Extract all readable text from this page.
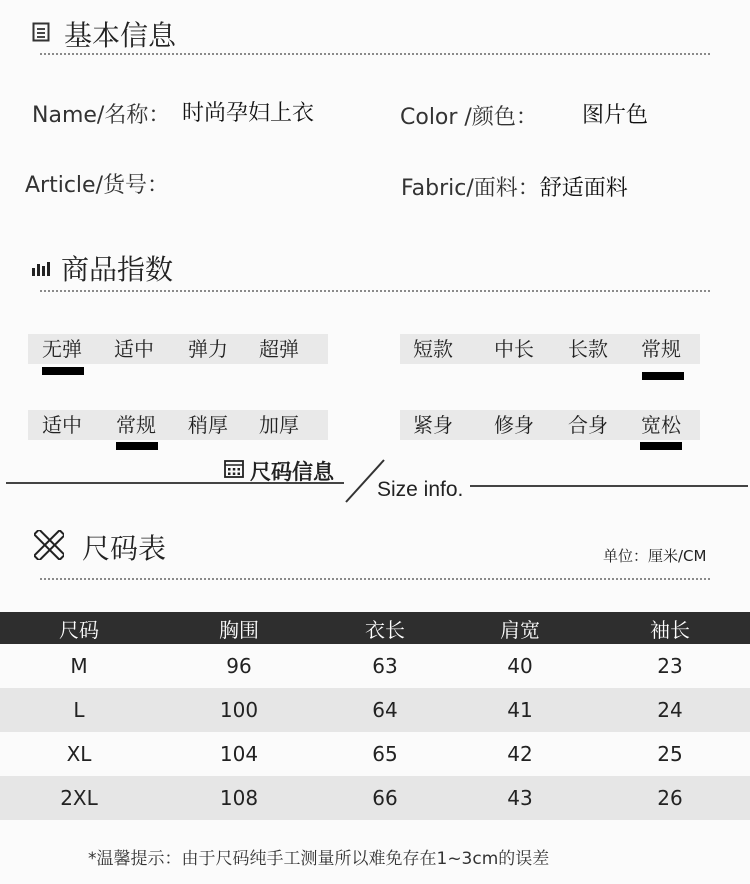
基本信息
Name/名称： 时尚孕妇上衣	Color /颜色： 图片色
Article/货号：	Fabric/面料：舒适面料
商品指数
无弹 适中 弹力 超弹	短款 中长 长款 常规
适中 常规 稍厚 加厚	紧身 修身 合身 宽松
尺码信息
Size info.
尺码表	单位：厘米/CM
尺码	胸围	衣长	肩宽	袖长
M	96	63	40	23
L	100	64	41	24
XL	104	65	42	25
2XL	108	66	43	26
*温馨提示：由于尺码纯手工测量所以难免存在1~3cm的误差
